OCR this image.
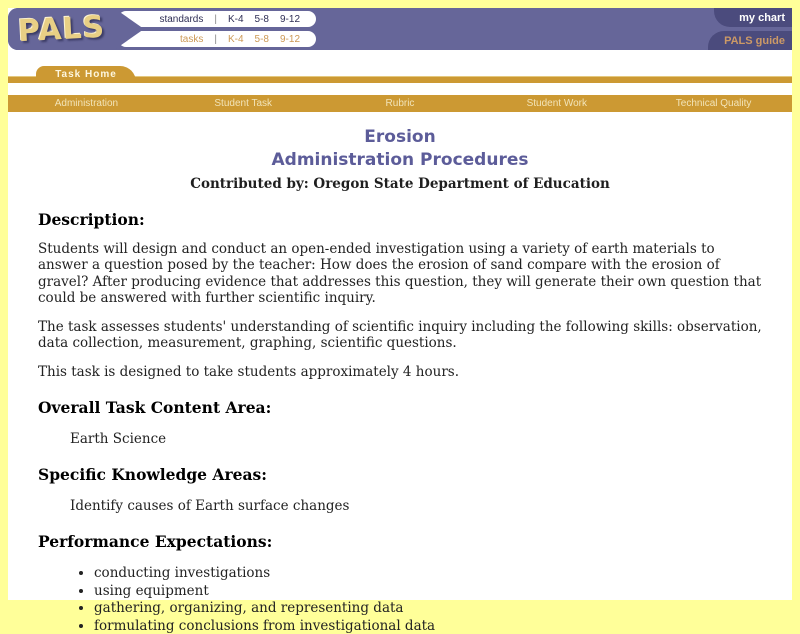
PALS	standards | K-4 5-8 9-12
tasks | K-4 5-8 9-12
my chart
PALS guide
Task Home
Administration	Student Task	Rubric	Student Work	Technical Quality
Erosion
Administration Procedures
Contributed by: Oregon State Department of Education
Description:

Students will design and conduct an open-ended investigation using a variety of earth materials to answer a question posed by the teacher: How does the erosion of sand compare with the erosion of gravel? After producing evidence that addresses this question, they will generate their own question that could be answered with further scientific inquiry.

The task assesses students' understanding of scientific inquiry including the following skills: observation, data collection, measurement, graphing, scientific questions.

This task is designed to take students approximately 4 hours.

Overall Task Content Area:
Earth Science
Specific Knowledge Areas:
Identify causes of Earth surface changes
Performance Expectations:
• conducting investigations
• using equipment
• gathering, organizing, and representing data
• formulating conclusions from investigational data
